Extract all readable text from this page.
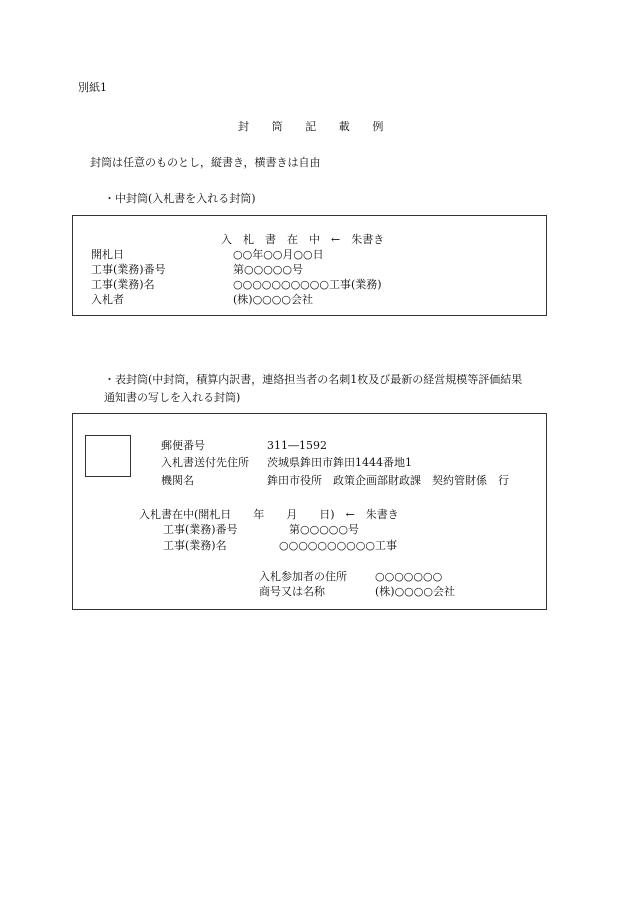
別紙1
封　　筒　　記　　載　　例
封筒は任意のものとし，縦書き，横書きは自由
・中封筒(入札書を入れる封筒)
入　札　書　在　中　←　朱書き
開札日	○○年○○月○○日
工事(業務)番号	第○○○○○号
工事(業務)名	○○○○○○○○○○工事(業務)
入札者	(株)○○○○会社
・表封筒(中封筒，積算内訳書，連絡担当者の名刺1枚及び最新の経営規模等評価結果
通知書の写しを入れる封筒)
郵便番号	311―1592
入札書送付先住所 茨城県鉾田市鉾田1444番地1
機関名	鉾田市役所　政策企画部財政課　契約管財係　行
入札書在中(開札日　　年　　月　　日)　←　朱書き
工事(業務)番号	第○○○○○号
工事(業務)名	○○○○○○○○○○工事
入札参加者の住所	○○○○○○○
商号又は名称	(株)○○○○会社
